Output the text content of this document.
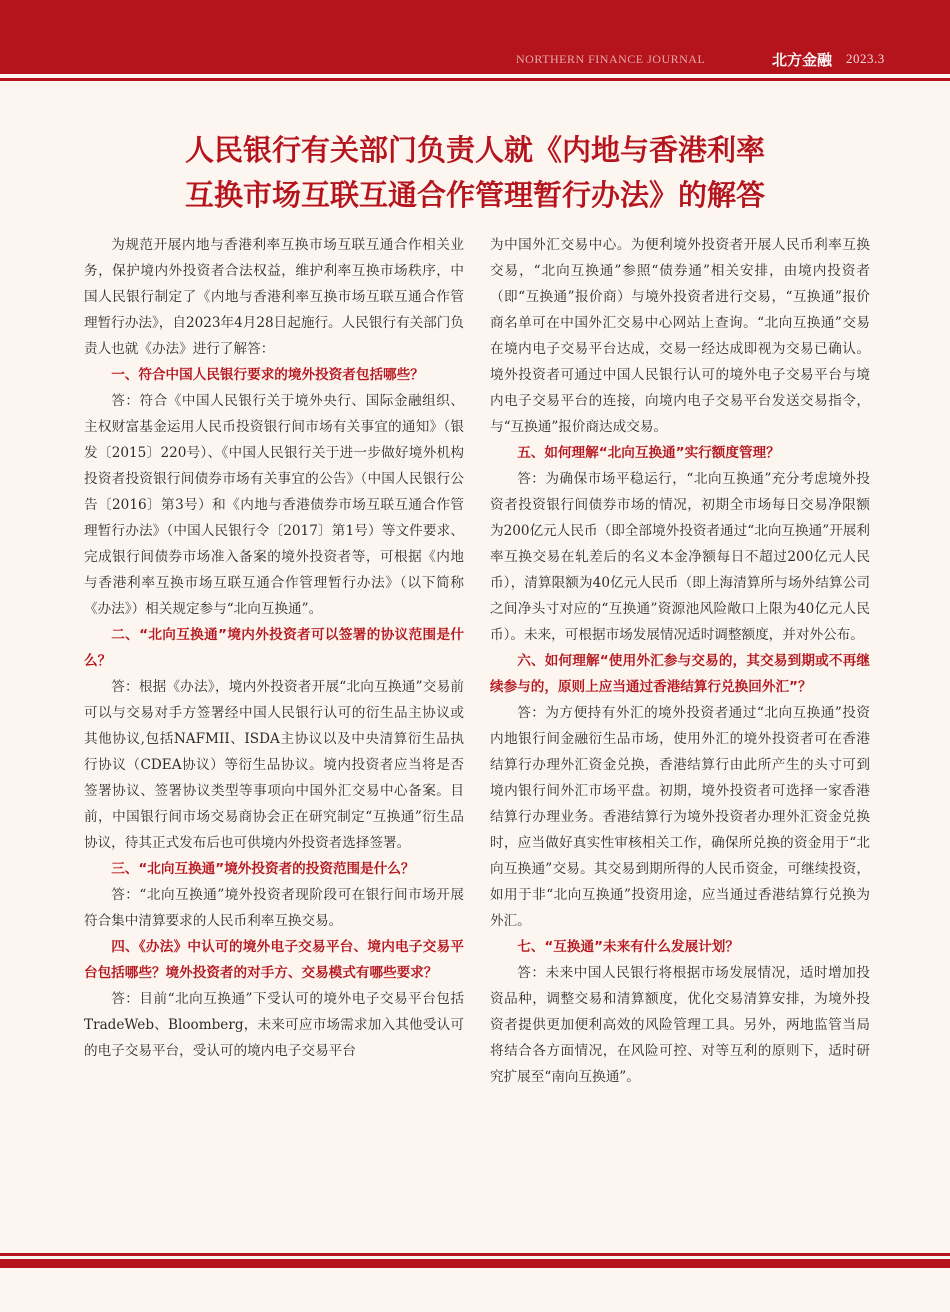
NORTHERN FINANCE JOURNAL	北方金融 2023.3
人民银行有关部门负责人就《内地与香港利率
互换市场互联互通合作管理暂行办法》的解答

为规范开展内地与香港利率互换市场互联互通合作相关业务，保护境内外投资者合法权益，维护利率互换市场秩序，中国人民银行制定了《内地与香港利率互换市场互联互通合作管理暂行办法》，自2023年4月28日起施行。人民银行有关部门负责人也就《办法》进行了解答：

一、符合中国人民银行要求的境外投资者包括哪些？

答：符合《中国人民银行关于境外央行、国际金融组织、主权财富基金运用人民币投资银行间市场有关事宜的通知》（银发〔2015〕220号）、《中国人民银行关于进一步做好境外机构投资者投资银行间债券市场有关事宜的公告》（中国人民银行公告〔2016〕第3号）和《内地与香港债券市场互联互通合作管理暂行办法》（中国人民银行令〔2017〕第1号）等文件要求、完成银行间债券市场准入备案的境外投资者等，可根据《内地与香港利率互换市场互联互通合作管理暂行办法》（以下简称《办法》）相关规定参与“北向互换通”。

二、“北向互换通”境内外投资者可以签署的协议范围是什么？

答：根据《办法》，境内外投资者开展“北向互换通”交易前可以与交易对手方签署经中国人民银行认可的衍生品主协议或其他协议,包括NAFMII、ISDA主协议以及中央清算衍生品执行协议（CDEA协议）等衍生品协议。境内投资者应当将是否签署协议、签署协议类型等事项向中国外汇交易中心备案。目前，中国银行间市场交易商协会正在研究制定“互换通”衍生品协议，待其正式发布后也可供境内外投资者选择签署。

三、“北向互换通”境外投资者的投资范围是什么？

答：“北向互换通”境外投资者现阶段可在银行间市场开展符合集中清算要求的人民币利率互换交易。

四、《办法》中认可的境外电子交易平台、境内电子交易平台包括哪些？境外投资者的对手方、交易模式有哪些要求？

答：目前“北向互换通”下受认可的境外电子交易平台包括TradeWeb、Bloomberg，未来可应市场需求加入其他受认可的电子交易平台，受认可的境内电子交易平台

为中国外汇交易中心。为便利境外投资者开展人民币利率互换交易，“北向互换通”参照“债券通”相关安排，由境内投资者（即“互换通”报价商）与境外投资者进行交易，“互换通”报价商名单可在中国外汇交易中心网站上查询。“北向互换通”交易在境内电子交易平台达成，交易一经达成即视为交易已确认。境外投资者可通过中国人民银行认可的境外电子交易平台与境内电子交易平台的连接，向境内电子交易平台发送交易指令，与“互换通”报价商达成交易。

五、如何理解“北向互换通”实行额度管理？

答：为确保市场平稳运行，“北向互换通”充分考虑境外投资者投资银行间债券市场的情况，初期全市场每日交易净限额为200亿元人民币（即全部境外投资者通过“北向互换通”开展利率互换交易在轧差后的名义本金净额每日不超过200亿元人民币），清算限额为40亿元人民币（即上海清算所与场外结算公司之间净头寸对应的“互换通”资源池风险敞口上限为40亿元人民币）。未来，可根据市场发展情况适时调整额度，并对外公布。

六、如何理解“使用外汇参与交易的，其交易到期或不再继续参与的，原则上应当通过香港结算行兑换回外汇”？

答：为方便持有外汇的境外投资者通过“北向互换通”投资内地银行间金融衍生品市场，使用外汇的境外投资者可在香港结算行办理外汇资金兑换，香港结算行由此所产生的头寸可到境内银行间外汇市场平盘。初期，境外投资者可选择一家香港结算行办理业务。香港结算行为境外投资者办理外汇资金兑换时，应当做好真实性审核相关工作，确保所兑换的资金用于“北向互换通”交易。其交易到期所得的人民币资金，可继续投资，如用于非“北向互换通”投资用途，应当通过香港结算行兑换为外汇。

七、“互换通”未来有什么发展计划？

答：未来中国人民银行将根据市场发展情况，适时增加投资品种，调整交易和清算额度，优化交易清算安排，为境外投资者提供更加便利高效的风险管理工具。另外，两地监管当局将结合各方面情况，在风险可控、对等互利的原则下，适时研究扩展至“南向互换通”。
